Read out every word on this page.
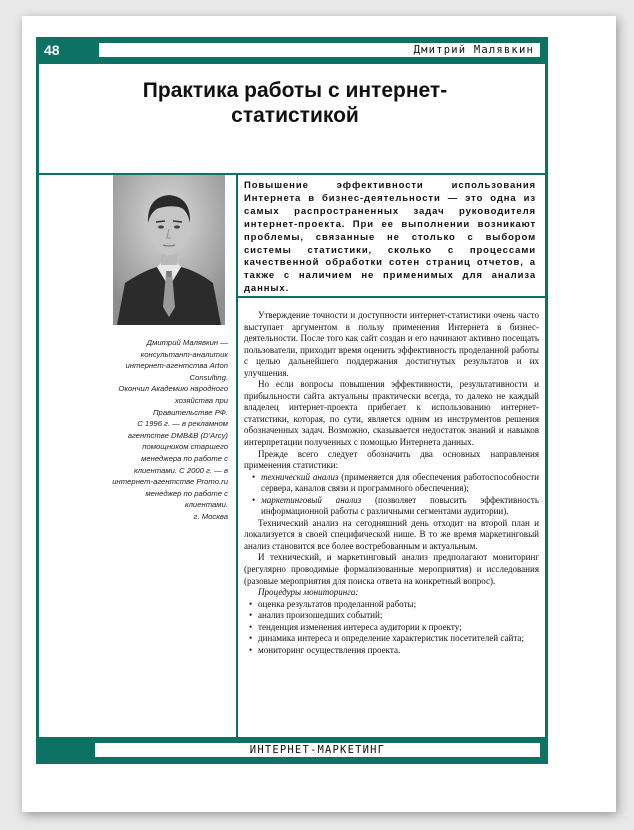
48	Дмитрий Малявкин
Практика работы с интернет-
статистикой
Дмитрий Малявкин —
консультант-аналитик
интернет-агентства Arton
Consulting.
Окончил Академию народного
хозяйства при
Правительстве РФ.
С 1996 г. — в рекламном
агентстве DMB&B (D'Arcy)
помощником старшего
менеджера по работе с
клиентами. С 2000 г. — в
интернет-агентстве Promo.ru
менеджер по работе с
клиентами.
г. Москва
Повышение эффективности использования Интернета в бизнес-деятельности — это одна из самых распространенных задач руководителя интернет-проекта. При ее выполнении возникают проблемы, связанные не столько с выбором системы статистики, сколько с процессами качественной обработки сотен страниц отчетов, а также с наличием не применимых для анализа данных.

Утверждение точности и доступности интернет-статистики очень часто выступает аргументом в пользу применения Интернета в бизнес-деятельности. После того как сайт создан и его начинают активно посещать пользователи, приходит время оценить эффективность проделанной работы с целью дальнейшего поддержания достигнутых результатов и их улучшения.

Но если вопросы повышения эффективности, результативности и прибыльности сайта актуальны практически всегда, то далеко не каждый владелец интернет-проекта прибегает к использованию интернет-статистики, которая, по сути, является одним из инструментов решения обозначенных задач. Возможно, сказывается недостаток знаний и навыков интерпретации полученных с помощью Интернета данных.

Прежде всего следует обозначить два основных направления применения статистики:

• технический анализ (применяется для обеспечения работоспособности сервера, каналов связи и программного обеспечения);
• маркетинговый анализ (позволяет повысить эффективность информационной работы с различными сегментами аудитории).

Технический анализ на сегодняшний день отходит на второй план и локализуется в своей специфической нише. В то же время маркетинговый анализ становится все более востребованным и актуальным.

И технический, и маркетинговый анализ предполагают мониторинг (регулярно проводимые формализованные мероприятия) и исследования (разовые мероприятия для поиска ответа на конкретный вопрос).

Процедуры мониторинга:

• оценка результатов проделанной работы;
• анализ произошедших событий;
• тенденция изменения интереса аудитории к проекту;
• динамика интереса и определение характеристик посетителей сайта;
• мониторинг осуществления проекта.
ИНТЕРНЕТ-МАРКЕТИНГ
